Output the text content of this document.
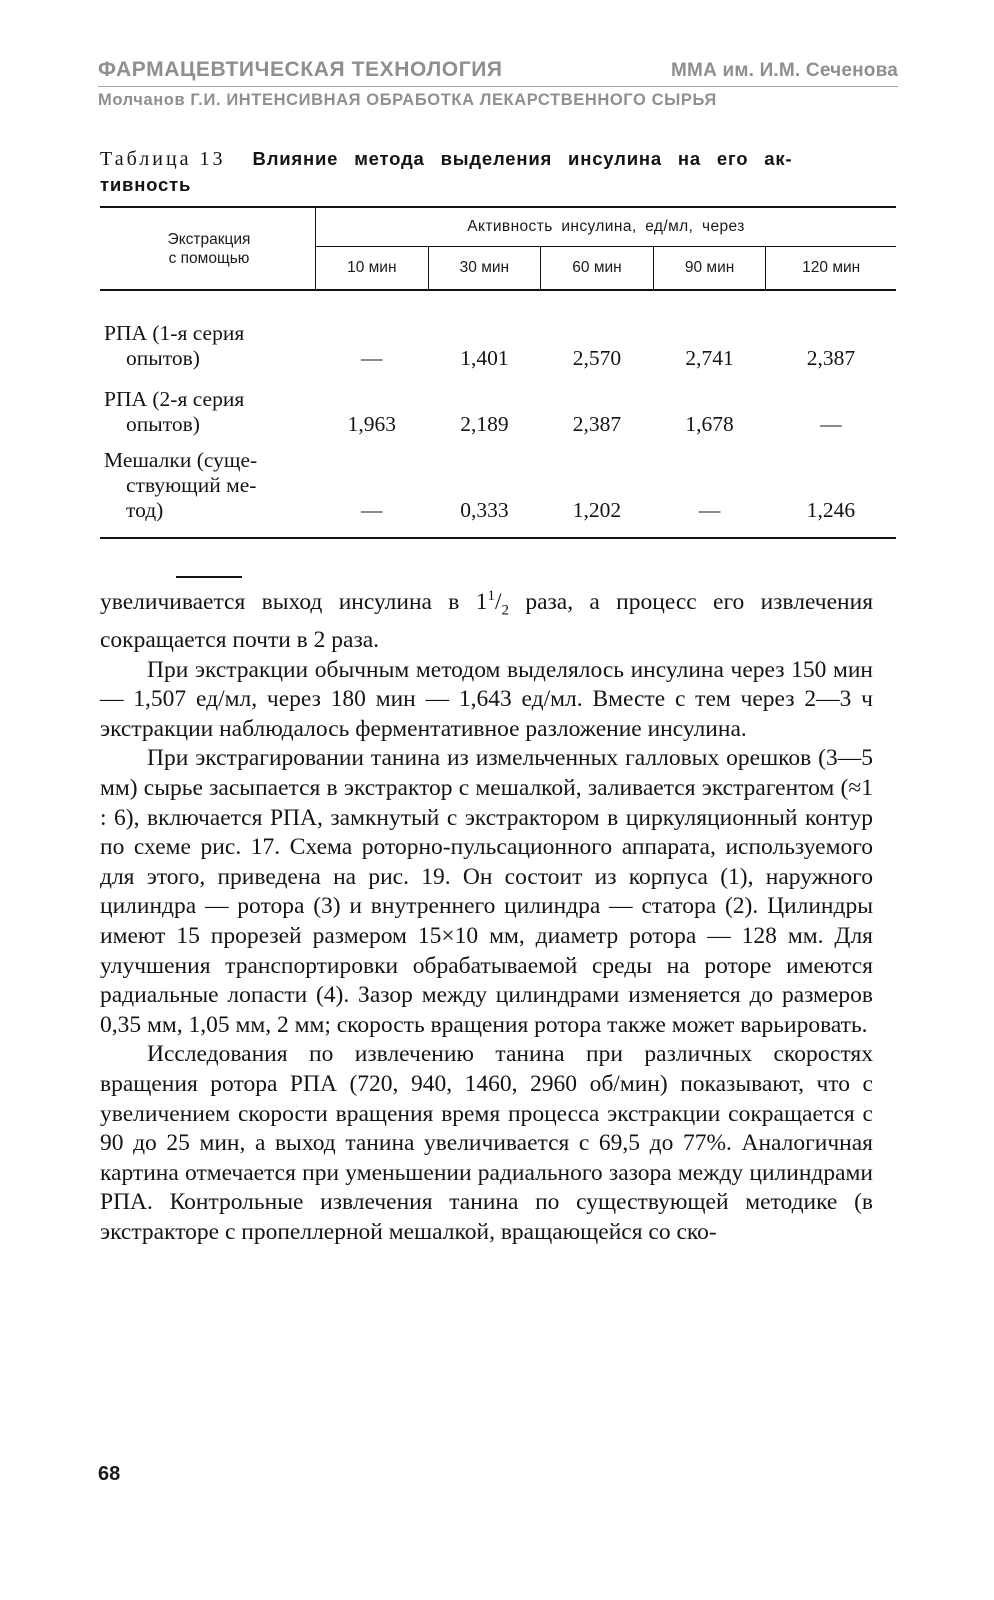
ФАРМАЦЕВТИЧЕСКАЯ ТЕХНОЛОГИЯ	ММА им. И.М. Сеченова
Молчанов Г.И. ИНТЕНСИВНАЯ ОБРАБОТКА ЛЕКАРСТВЕННОГО СЫРЬЯ
Таблица 13 Влияние метода выделения инсулина на его ак-
тивность
Экстракция
с помощью	Активность инсулина, ед/мл, через				
	10 мин	30 мин	60 мин	90 мин	120 мин

РПА (1-я серия
опытов)	—	1,401	2,570	2,741	2,387
РПА (2-я серия
опытов)	1,963	2,189	2,387	1,678	—
Мешалки (суще-
ствующий ме-
тод)	—	0,333	1,202	—	1,246

увеличивается выход инсулина в $1^1/_2$ раза, а процесс его извлечения сокращается почти в 2 раза.

При экстракции обычным методом выделялось инсулина через 150 мин — 1,507 ед/мл, через 180 мин — 1,643 ед/мл. Вместе с тем через 2—3 ч экстракции наблюдалось ферментативное разложение инсулина.

При экстрагировании танина из измельченных галловых орешков (3—5 мм) сырье засыпается в экстрактор с мешалкой, заливается экстрагентом (≈1 : 6), включается РПА, замкнутый с экстрактором в циркуляционный контур по схеме рис. 17. Схема роторно-пульсационного аппарата, используемого для этого, приведена на рис. 19. Он состоит из корпуса (1), наружного цилиндра — ротора (3) и внутреннего цилиндра — статора (2). Цилиндры имеют 15 прорезей размером 15×10 мм, диаметр ротора — 128 мм. Для улучшения транспортировки обрабатываемой среды на роторе имеются радиальные лопасти (4). Зазор между цилиндрами изменяется до размеров 0,35 мм, 1,05 мм, 2 мм; скорость вращения ротора также может варьировать.

Исследования по извлечению танина при различных скоростях вращения ротора РПА (720, 940, 1460, 2960 об/мин) показывают, что с увеличением скорости вращения время процесса экстракции сокращается с 90 до 25 мин, а выход танина увеличивается с 69,5 до 77%. Аналогичная картина отмечается при уменьшении радиального зазора между цилиндрами РПА. Контрольные извлечения танина по существующей методике (в экстракторе с пропеллерной мешалкой, вращающейся со ско-

68
